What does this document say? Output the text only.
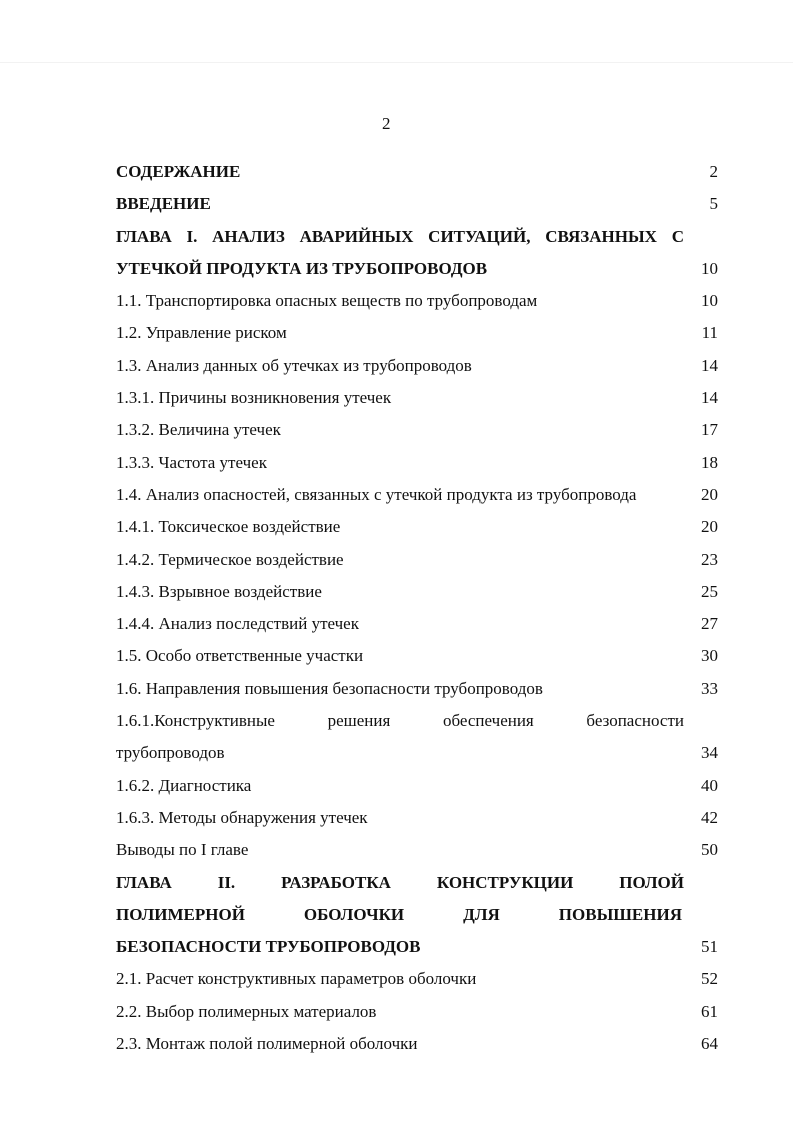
2
СОДЕРЖАНИЕ	2
ВВЕДЕНИЕ	5
ГЛАВА I. АНАЛИЗ АВАРИЙНЫХ СИТУАЦИЙ, СВЯЗАННЫХ С
УТЕЧКОЙ ПРОДУКТА ИЗ ТРУБОПРОВОДОВ	10
1.1. Транспортировка опасных веществ по трубопроводам	10
1.2. Управление риском	11
1.3. Анализ данных об утечках из трубопроводов	14
1.3.1. Причины возникновения утечек	14
1.3.2. Величина утечек	17
1.3.3. Частота утечек	18
1.4. Анализ опасностей, связанных с утечкой продукта из трубопровода	20
1.4.1. Токсическое воздействие	20
1.4.2. Термическое воздействие	23
1.4.3. Взрывное воздействие	25
1.4.4. Анализ последствий утечек	27
1.5. Особо ответственные участки	30
1.6. Направления повышения безопасности трубопроводов	33
1.6.1.Конструктивные решения обеспечения безопасности
трубопроводов	34
1.6.2. Диагностика	40
1.6.3. Методы обнаружения утечек	42
Выводы по I главе	50
ГЛАВА II. РАЗРАБОТКА КОНСТРУКЦИИ ПОЛОЙ
ПОЛИМЕРНОЙ ОБОЛОЧКИ ДЛЯ ПОВЫШЕНИЯ
БЕЗОПАСНОСТИ ТРУБОПРОВОДОВ	51
2.1. Расчет конструктивных параметров оболочки	52
2.2. Выбор полимерных материалов	61
2.3. Монтаж полой полимерной оболочки	64
